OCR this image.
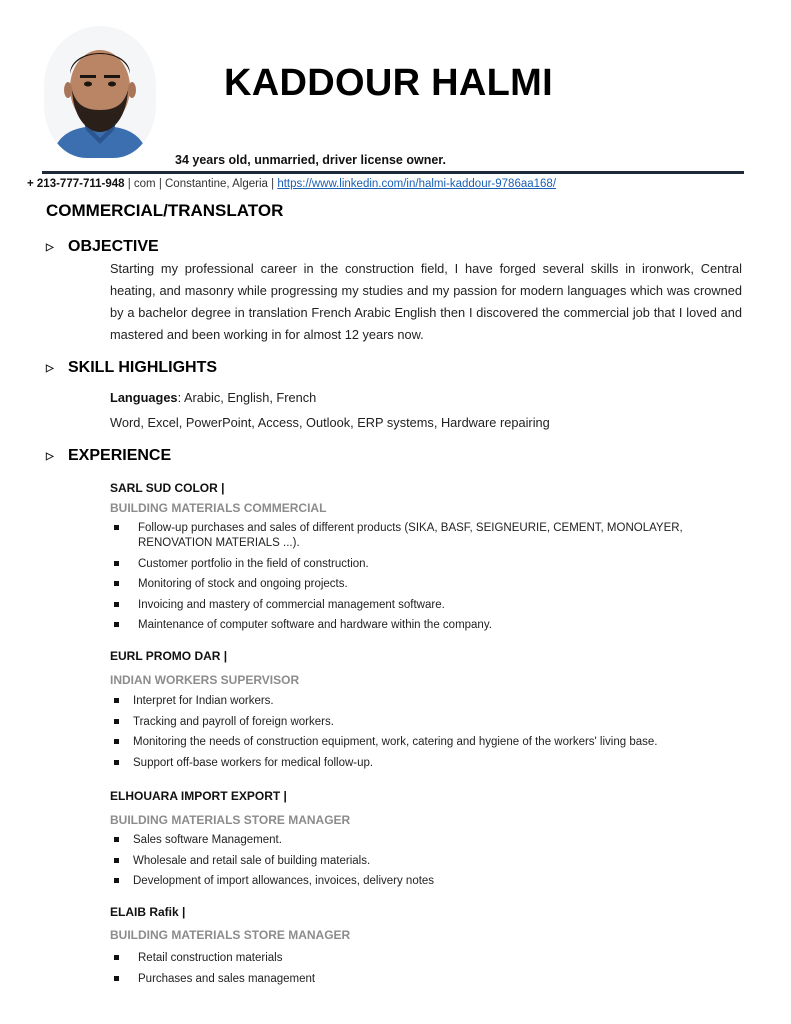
KADDOUR HALMI
34 years old, unmarried, driver license owner.
+ 213-777-711-948 | com | Constantine, Algeria | https://www.linkedin.com/in/halmi-kaddour-9786aa168/
COMMERCIAL/TRANSLATOR
▷ OBJECTIVE
Starting my professional career in the construction field, I have forged several skills in ironwork, Central heating, and masonry while progressing my studies and my passion for modern languages which was crowned by a bachelor degree in translation French Arabic English then I discovered the commercial job that I loved and mastered and been working in for almost 12 years now.
▷ SKILL HIGHLIGHTS
Languages: Arabic, English, French
Word, Excel, PowerPoint, Access, Outlook, ERP systems, Hardware repairing
▷ EXPERIENCE
SARL SUD COLOR |
BUILDING MATERIALS COMMERCIAL
Follow-up purchases and sales of different products (SIKA, BASF, SEIGNEURIE, CEMENT, MONOLAYER, RENOVATION MATERIALS ...).
Customer portfolio in the field of construction.
Monitoring of stock and ongoing projects.
Invoicing and mastery of commercial management software.
Maintenance of computer software and hardware within the company.
EURL PROMO DAR |
INDIAN WORKERS SUPERVISOR
Interpret for Indian workers.
Tracking and payroll of foreign workers.
Monitoring the needs of construction equipment, work, catering and hygiene of the workers' living base.
Support off-base workers for medical follow-up.
ELHOUARA IMPORT EXPORT |
BUILDING MATERIALS STORE MANAGER
Sales software Management.
Wholesale and retail sale of building materials.
Development of import allowances, invoices, delivery notes
ELAIB Rafik |
BUILDING MATERIALS STORE MANAGER
Retail construction materials
Purchases and sales management
